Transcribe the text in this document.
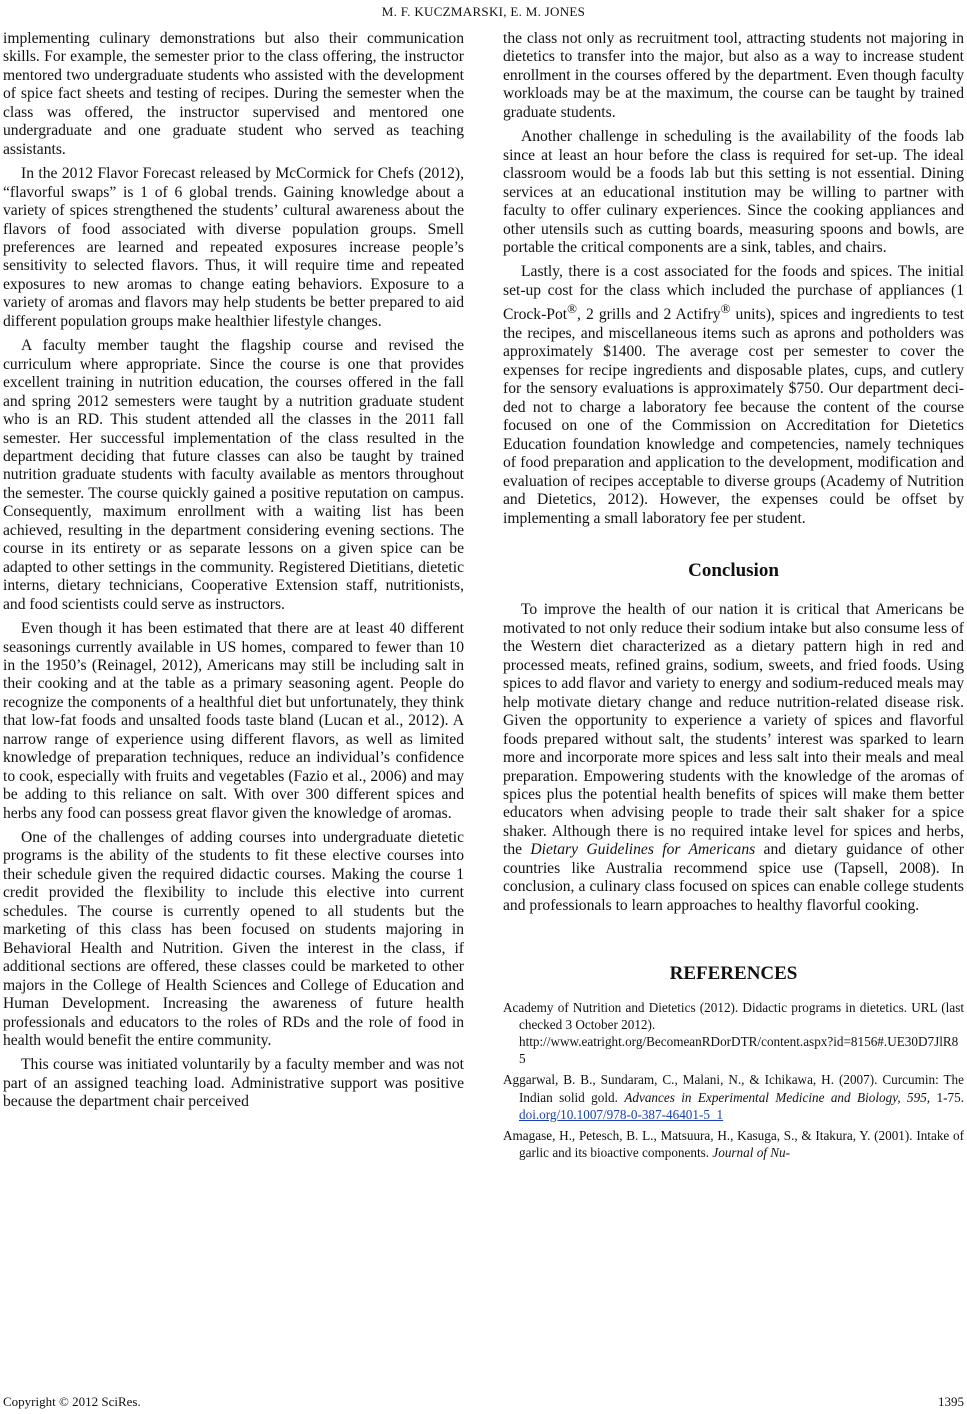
M. F. KUCZMARSKI, E. M. JONES

implementing culinary demonstrations but also their communication skills. For example, the semester prior to the class offering, the instructor mentored two undergraduate students who assisted with the development of spice fact sheets and testing of recipes. During the semester when the class was offered, the instructor supervised and mentored one undergraduate and one graduate student who served as teaching assistants.

In the 2012 Flavor Forecast released by McCormick for Chefs (2012), “flavorful swaps” is 1 of 6 global trends. Gaining knowledge about a variety of spices strengthened the students’ cultural awareness about the flavors of food associated with diverse population groups. Smell preferences are learned and repeated exposures increase people’s sensitivity to selected flavors. Thus, it will require time and repeated exposures to new aromas to change eating behaviors. Exposure to a variety of aromas and flavors may help students be better prepared to aid different population groups make healthier lifestyle changes.

A faculty member taught the flagship course and revised the curriculum where appropriate. Since the course is one that provides excellent training in nutrition education, the courses offered in the fall and spring 2012 semesters were taught by a nutrition graduate student who is an RD. This student attended all the classes in the 2011 fall semester. Her successful implementation of the class resulted in the department deciding that future classes can also be taught by trained nutrition graduate students with faculty available as mentors throughout the semester. The course quickly gained a positive reputation on campus. Consequently, maximum enrollment with a waiting list has been achieved, resulting in the department considering evening sections. The course in its entirety or as separate lessons on a given spice can be adapted to other settings in the community. Registered Dietitians, dietetic interns, dietary technicians, Cooperative Extension staff, nutritionists, and food scientists could serve as instructors.

Even though it has been estimated that there are at least 40 different seasonings currently available in US homes, compared to fewer than 10 in the 1950’s (Reinagel, 2012), Americans may still be including salt in their cooking and at the table as a primary seasoning agent. People do recognize the components of a healthful diet but unfortunately, they think that low-fat foods and unsalted foods taste bland (Lucan et al., 2012). A narrow range of experience using different flavors, as well as limited knowledge of preparation techniques, reduce an individual’s confidence to cook, especially with fruits and vegetables (Fazio et al., 2006) and may be adding to this reliance on salt. With over 300 different spices and herbs any food can possess great flavor given the knowledge of aromas.

One of the challenges of adding courses into undergraduate dietetic programs is the ability of the students to fit these elective courses into their schedule given the required didactic courses. Making the course 1 credit provided the flexibility to include this elective into current schedules. The course is currently opened to all students but the marketing of this class has been focused on students majoring in Behavioral Health and Nutrition. Given the interest in the class, if additional sections are offered, these classes could be marketed to other majors in the College of Health Sciences and College of Education and Human Development. Increasing the awareness of future health professionals and educators to the roles of RDs and the role of food in health would benefit the entire community.

This course was initiated voluntarily by a faculty member and was not part of an assigned teaching load. Administrative support was positive because the department chair perceived

the class not only as recruitment tool, attracting students not majoring in dietetics to transfer into the major, but also as a way to increase student enrollment in the courses offered by the department. Even though faculty workloads may be at the maximum, the course can be taught by trained graduate students.

Another challenge in scheduling is the availability of the foods lab since at least an hour before the class is required for set-up. The ideal classroom would be a foods lab but this setting is not essential. Dining services at an educational institution may be willing to partner with faculty to offer culinary experiences. Since the cooking appliances and other utensils such as cutting boards, measuring spoons and bowls, are portable the critical components are a sink, tables, and chairs.

Lastly, there is a cost associated for the foods and spices. The initial set-up cost for the class which included the purchase of appliances (1 Crock-Pot®, 2 grills and 2 Actifry® units), spices and ingredients to test the recipes, and miscellaneous items such as aprons and potholders was approximately $1400. The average cost per semester to cover the expenses for recipe ingredients and disposable plates, cups, and cutlery for the sensory evaluations is approximately $750. Our department decided not to charge a laboratory fee because the content of the course focused on one of the Commission on Accreditation for Dietetics Education foundation knowledge and competencies, namely techniques of food preparation and application to the development, modification and evaluation of recipes acceptable to diverse groups (Academy of Nutrition and Dietetics, 2012). However, the expenses could be offset by implementing a small laboratory fee per student.

Conclusion

To improve the health of our nation it is critical that Americans be motivated to not only reduce their sodium intake but also consume less of the Western diet characterized as a dietary pattern high in red and processed meats, refined grains, sodium, sweets, and fried foods. Using spices to add flavor and variety to energy and sodium-reduced meals may help motivate dietary change and reduce nutrition-related disease risk. Given the opportunity to experience a variety of spices and flavorful foods prepared without salt, the students’ interest was sparked to learn more and incorporate more spices and less salt into their meals and meal preparation. Empowering students with the knowledge of the aromas of spices plus the potential health benefits of spices will make them better educators when advising people to trade their salt shaker for a spice shaker. Although there is no required intake level for spices and herbs, the Dietary Guidelines for Americans and dietary guidance of other countries like Australia recommend spice use (Tapsell, 2008). In conclusion, a culinary class focused on spices can enable college students and professionals to learn approaches to healthy flavorful cooking.

REFERENCES
Academy of Nutrition and Dietetics (2012). Didactic programs in dietetics. URL (last checked 3 October 2012).
http://www.eatright.org/BecomeanRDorDTR/content.aspx?id=8156#.UE30D7JlR85
Aggarwal, B. B., Sundaram, C., Malani, N., & Ichikawa, H. (2007). Curcumin: The Indian solid gold. Advances in Experimental Medicine and Biology, 595, 1-75. doi.org/10.1007/978-0-387-46401-5_1
Amagase, H., Petesch, B. L., Matsuura, H., Kasuga, S., & Itakura, Y. (2001). Intake of garlic and its bioactive components. Journal of Nu-
Copyright © 2012 SciRes.	1395
